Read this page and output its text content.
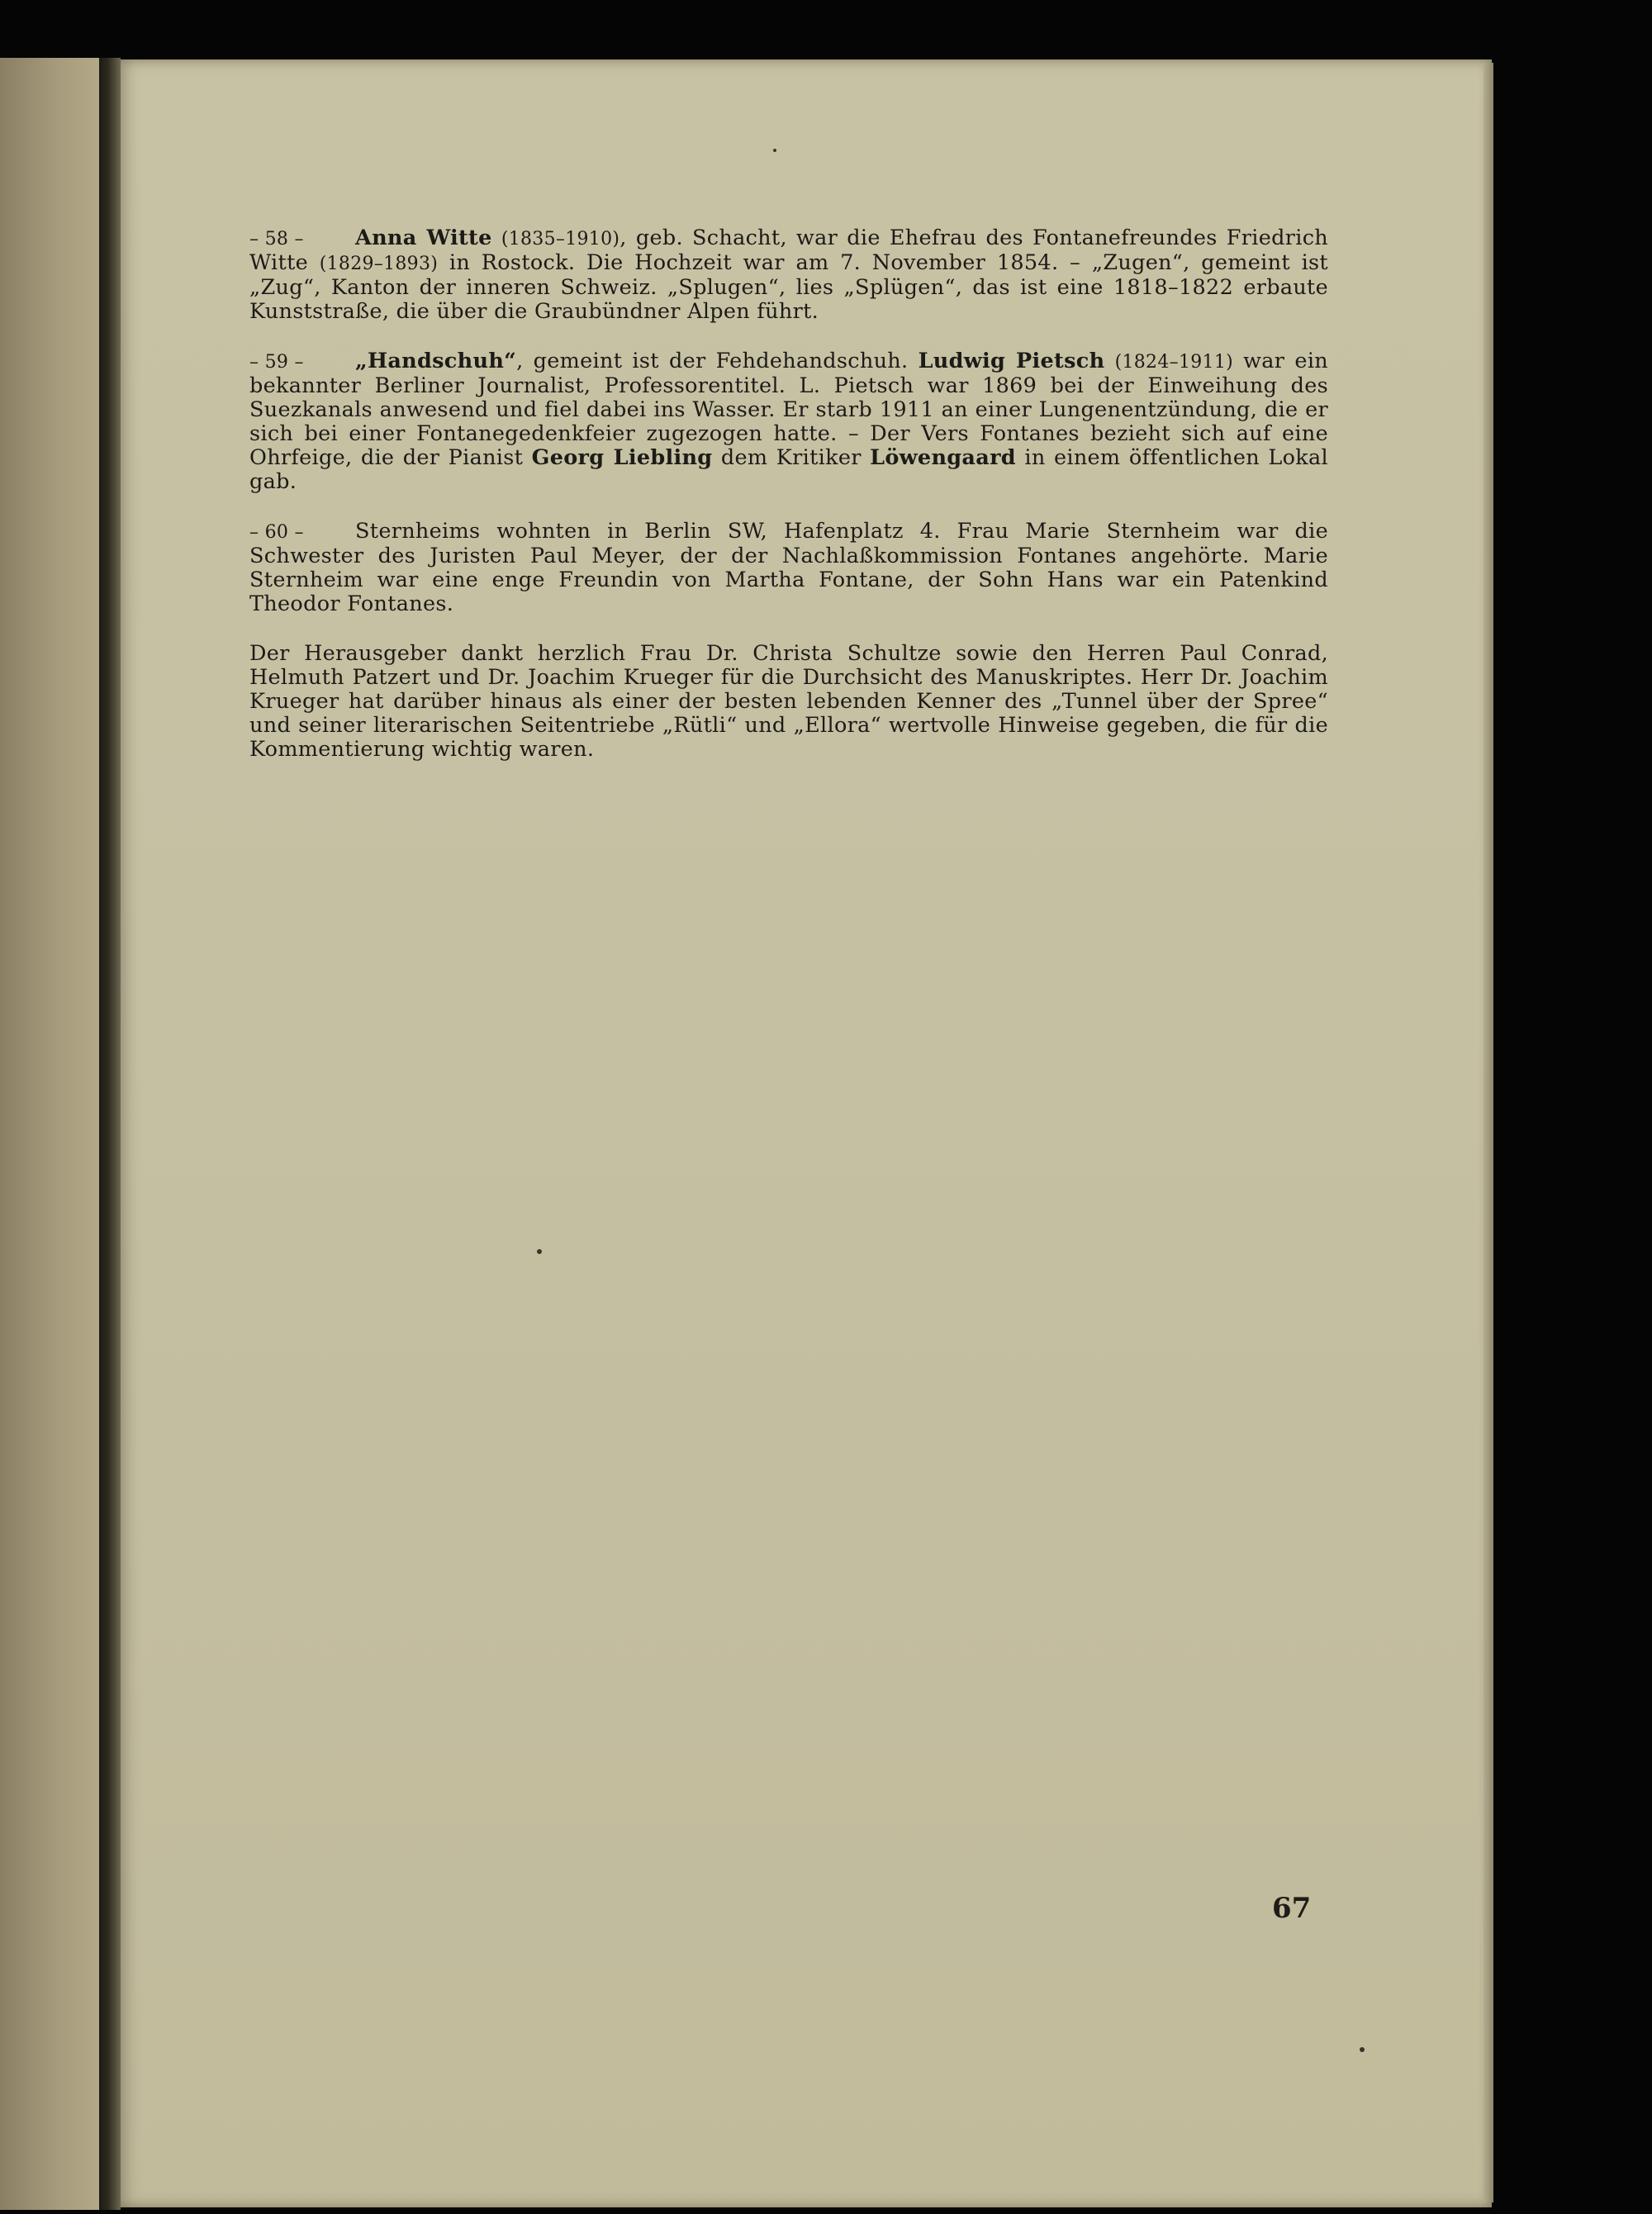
– 58 – Anna Witte (1835–1910), geb. Schacht, war die Ehefrau des Fontanefreundes Friedrich Witte (1829–1893) in Rostock. Die Hochzeit war am 7. November 1854. – „Zugen“, gemeint ist „Zug“, Kanton der inneren Schweiz. „Splugen“, lies „Splügen“, das ist eine 1818–1822 erbaute Kunststraße, die über die Graubündner Alpen führt.

– 59 – „Handschuh“, gemeint ist der Fehdehandschuh. Ludwig Pietsch (1824–1911) war ein bekannter Berliner Journalist, Professorentitel. L. Pietsch war 1869 bei der Einweihung des Suezkanals anwesend und fiel dabei ins Wasser. Er starb 1911 an einer Lungenentzündung, die er sich bei einer Fontanegedenkfeier zugezogen hatte. – Der Vers Fontanes bezieht sich auf eine Ohrfeige, die der Pianist Georg Liebling dem Kritiker Löwengaard in einem öffentlichen Lokal gab.

– 60 – Sternheims wohnten in Berlin SW, Hafenplatz 4. Frau Marie Sternheim war die Schwester des Juristen Paul Meyer, der der Nachlaßkommission Fontanes angehörte. Marie Sternheim war eine enge Freundin von Martha Fontane, der Sohn Hans war ein Patenkind Theodor Fontanes.

Der Herausgeber dankt herzlich Frau Dr. Christa Schultze sowie den Herren Paul Conrad, Helmuth Patzert und Dr. Joachim Krueger für die Durchsicht des Manuskriptes. Herr Dr. Joachim Krueger hat darüber hinaus als einer der besten lebenden Kenner des „Tunnel über der Spree“ und seiner literarischen Seitentriebe „Rütli“ und „Ellora“ wertvolle Hinweise gegeben, die für die Kommentierung wichtig waren.

67
